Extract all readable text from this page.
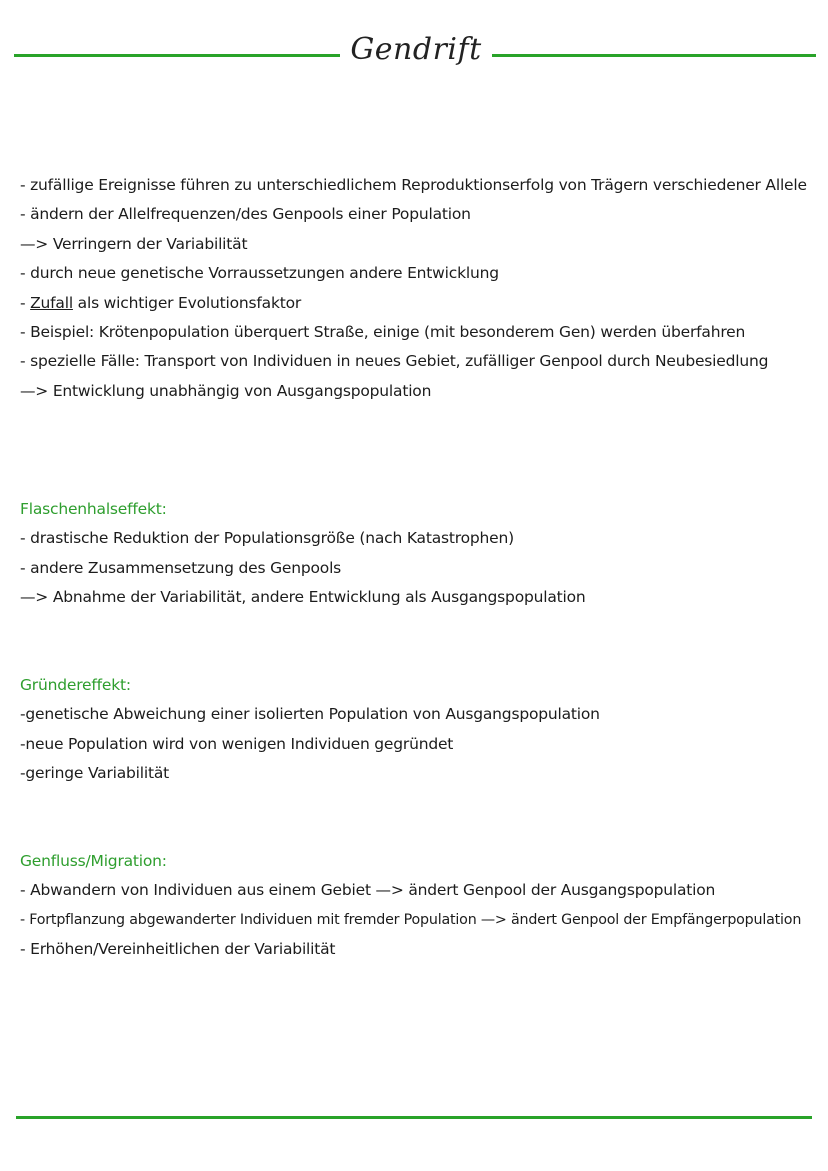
Gendrift
- zufällige Ereignisse führen zu unterschiedlichem Reproduktionserfolg von Trägern verschiedener Allele
- ändern der Allelfrequenzen/des Genpools einer Population
—> Verringern der Variabilität
- durch neue genetische Vorraussetzungen andere Entwicklung
- Zufall als wichtiger Evolutionsfaktor
- Beispiel: Krötenpopulation überquert Straße, einige (mit besonderem Gen) werden überfahren
- spezielle Fälle: Transport von Individuen in neues Gebiet, zufälliger Genpool durch Neubesiedlung
—> Entwicklung unabhängig von Ausgangspopulation
Flaschenhalseffekt:
- drastische Reduktion der Populationsgröße (nach Katastrophen)
- andere Zusammensetzung des Genpools
—> Abnahme der Variabilität, andere Entwicklung als Ausgangspopulation
Gründereffekt:
-genetische Abweichung einer isolierten Population von Ausgangspopulation
-neue Population wird von wenigen Individuen gegründet
-geringe Variabilität
Genfluss/Migration:
- Abwandern von Individuen aus einem Gebiet —> ändert Genpool der Ausgangspopulation
- Fortpflanzung abgewanderter Individuen mit fremder Population —> ändert Genpool der Empfängerpopulation
- Erhöhen/Vereinheitlichen der Variabilität
